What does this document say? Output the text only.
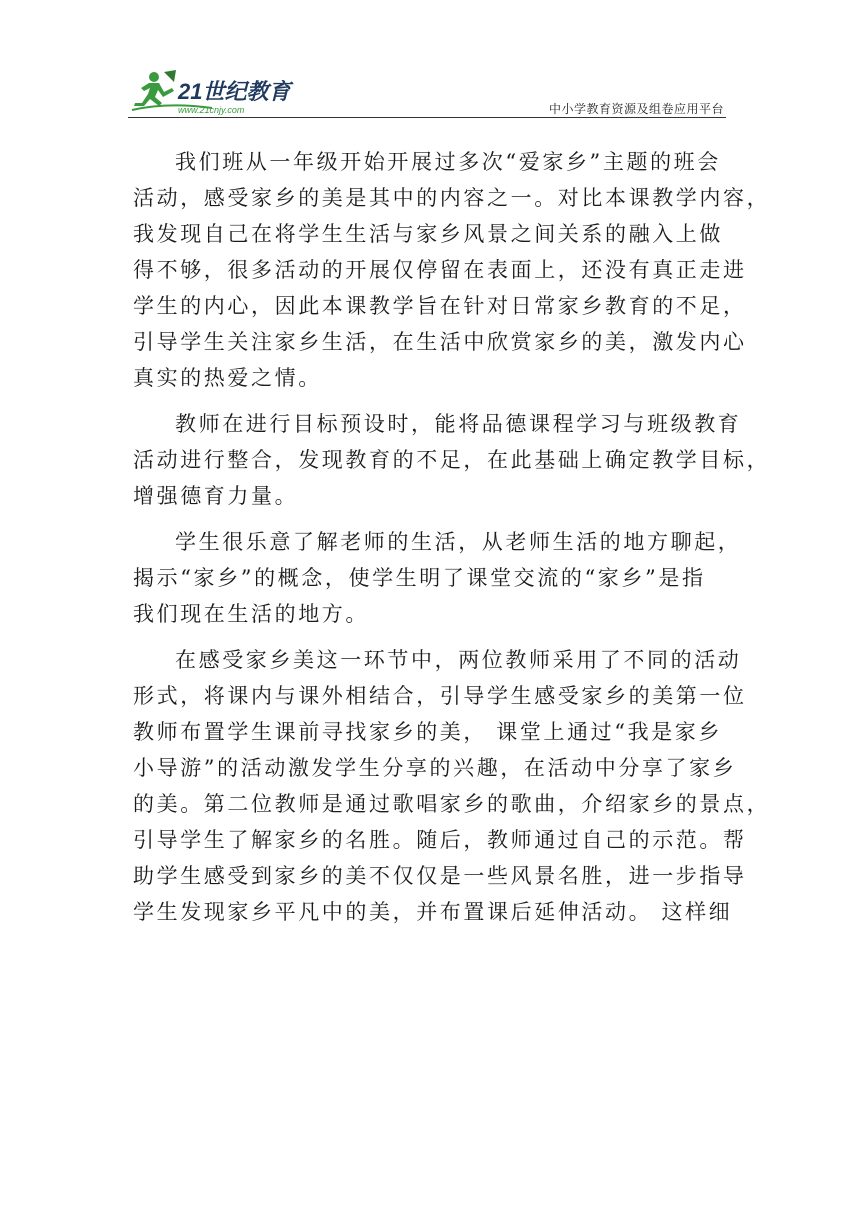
21世纪教育
www.21cnjy.com	中小学教育资源及组卷应用平台
我们班从一年级开始开展过多次“爱家乡”主题的班会
活动，感受家乡的美是其中的内容之一。对比本课教学内容，
我发现自己在将学生生活与家乡风景之间关系的融入上做
得不够，很多活动的开展仅停留在表面上，还没有真正走进
学生的内心，因此本课教学旨在针对日常家乡教育的不足，
引导学生关注家乡生活，在生活中欣赏家乡的美，激发内心
真实的热爱之情。
教师在进行目标预设时，能将品德课程学习与班级教育
活动进行整合，发现教育的不足，在此基础上确定教学目标，
增强德育力量。
学生很乐意了解老师的生活，从老师生活的地方聊起，
揭示“家乡”的概念，使学生明了课堂交流的“家乡”是指
我们现在生活的地方。
在感受家乡美这一环节中，两位教师采用了不同的活动
形式，将课内与课外相结合，引导学生感受家乡的美第一位
教师布置学生课前寻找家乡的美， 课堂上通过“我是家乡
小导游”的活动激发学生分享的兴趣，在活动中分享了家乡
的美。第二位教师是通过歌唱家乡的歌曲，介绍家乡的景点，
引导学生了解家乡的名胜。随后，教师通过自己的示范。帮
助学生感受到家乡的美不仅仅是一些风景名胜，进一步指导
学生发现家乡平凡中的美，并布置课后延伸活动。 这样细
